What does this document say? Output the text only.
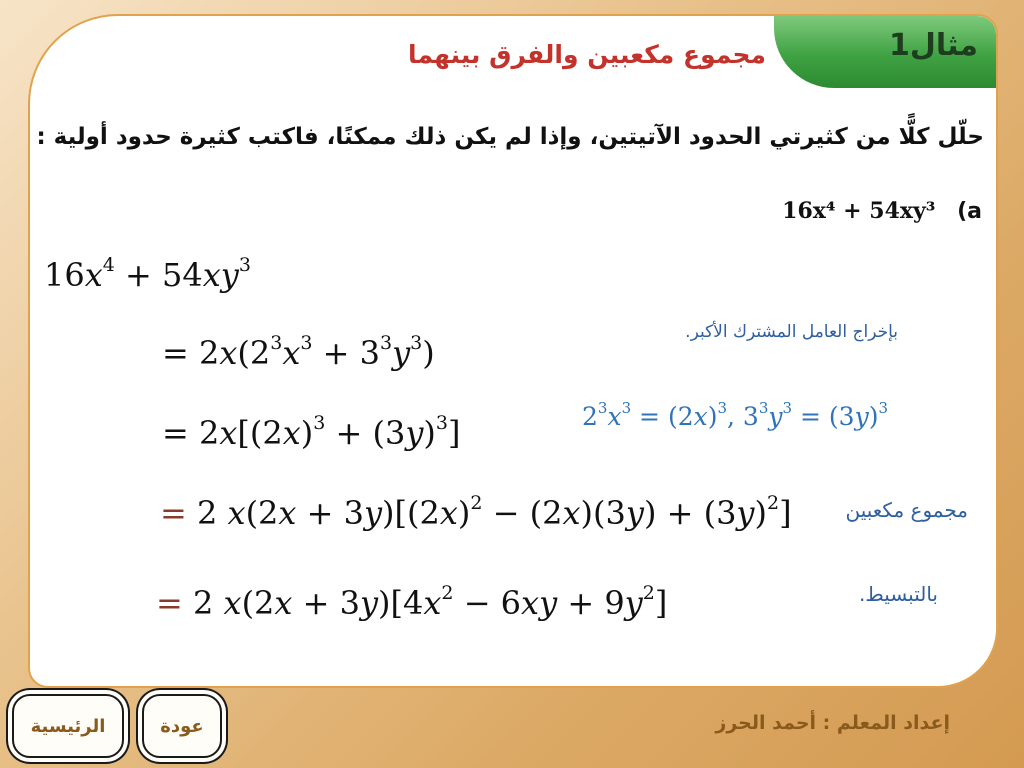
مثال1
مجموع مكعبين والفرق بينهما
حلّل كلًّا من كثيرتي الحدود الآتيتين، وإذا لم يكن ذلك ممكنًا، فاكتب كثيرة حدود أولية :
16x⁴ + 54xy³ (a
$16x^4 + 54xy^3$
= $2x(2^3x^3 + 3^3y^3)$
= $2x[(2x)^3 + (3y)^3]$
= 2 $x(2x + 3y)[(2x)^2 - (2x)(3y) + (3y)^2]$
= 2 $x(2x + 3y)[4x^2 - 6xy + 9y^2]$
بإخراج العامل المشترك الأكبر.
$2^3x^3 = (2x)^3$, $3^3y^3 = (3y)^3$
مجموع مكعبين
بالتبسيط.
الرئيسية	عودة	إعداد المعلم : أحمد الحرز
